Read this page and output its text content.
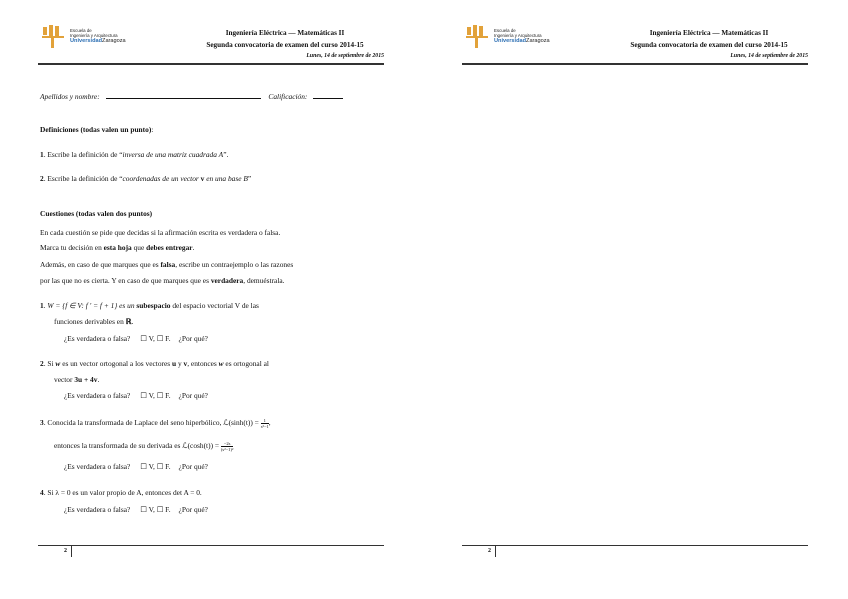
Escuela de
Ingeniería y Arquitectura
UniversidadZaragoza
Ingeniería Eléctrica — Matemáticas II
Segunda convocatoria de examen del curso 2014-15
Lunes, 14 de septiembre de 2015
Apellidos y nombre:	Calificación:
Definiciones (todas valen un punto):
1. Escribe la definición de “inversa de una matriz cuadrada A”.
2. Escribe la definición de “coordenadas de un vector v en una base B”
Cuestiones (todas valen dos puntos)
En cada cuestión se pide que decidas si la afirmación escrita es verdadera o falsa.
Marca tu decisión en esta hoja que debes entregar.
Además, en caso de que marques que es falsa, escribe un contraejemplo o las razones
por las que no es cierta. Y en caso de que marques que es verdadera, demuéstrala.
1. W = {f ∈ V: f ′ = f + 1} es un subespacio del espacio vectorial V de las
funciones derivables en ℝ.
¿Es verdadera o falsa? ☐ V, ☐ F. ¿Por qué?
2. Si w es un vector ortogonal a los vectores u y v, entonces w es ortogonal al
vector 3u + 4v.
¿Es verdadera o falsa? ☐ V, ☐ F. ¿Por qué?
3. Conocida la transformada de Laplace del seno hiperbólico, ℒ(sinh(t)) = $\frac{1}{\text{s²−1}}$ ,
entonces la transformada de su derivada es ℒ(cosh(t)) = $\frac{-2s}{\text{(s²−1)²}}$
¿Es verdadera o falsa? ☐ V, ☐ F. ¿Por qué?
4. Si λ = 0 es un valor propio de A, entonces det A = 0.
¿Es verdadera o falsa? ☐ V, ☐ F. ¿Por qué?
2
Escuela de
Ingeniería y Arquitectura
UniversidadZaragoza
Ingeniería Eléctrica — Matemáticas II
Segunda convocatoria de examen del curso 2014-15
Lunes, 14 de septiembre de 2015
2
